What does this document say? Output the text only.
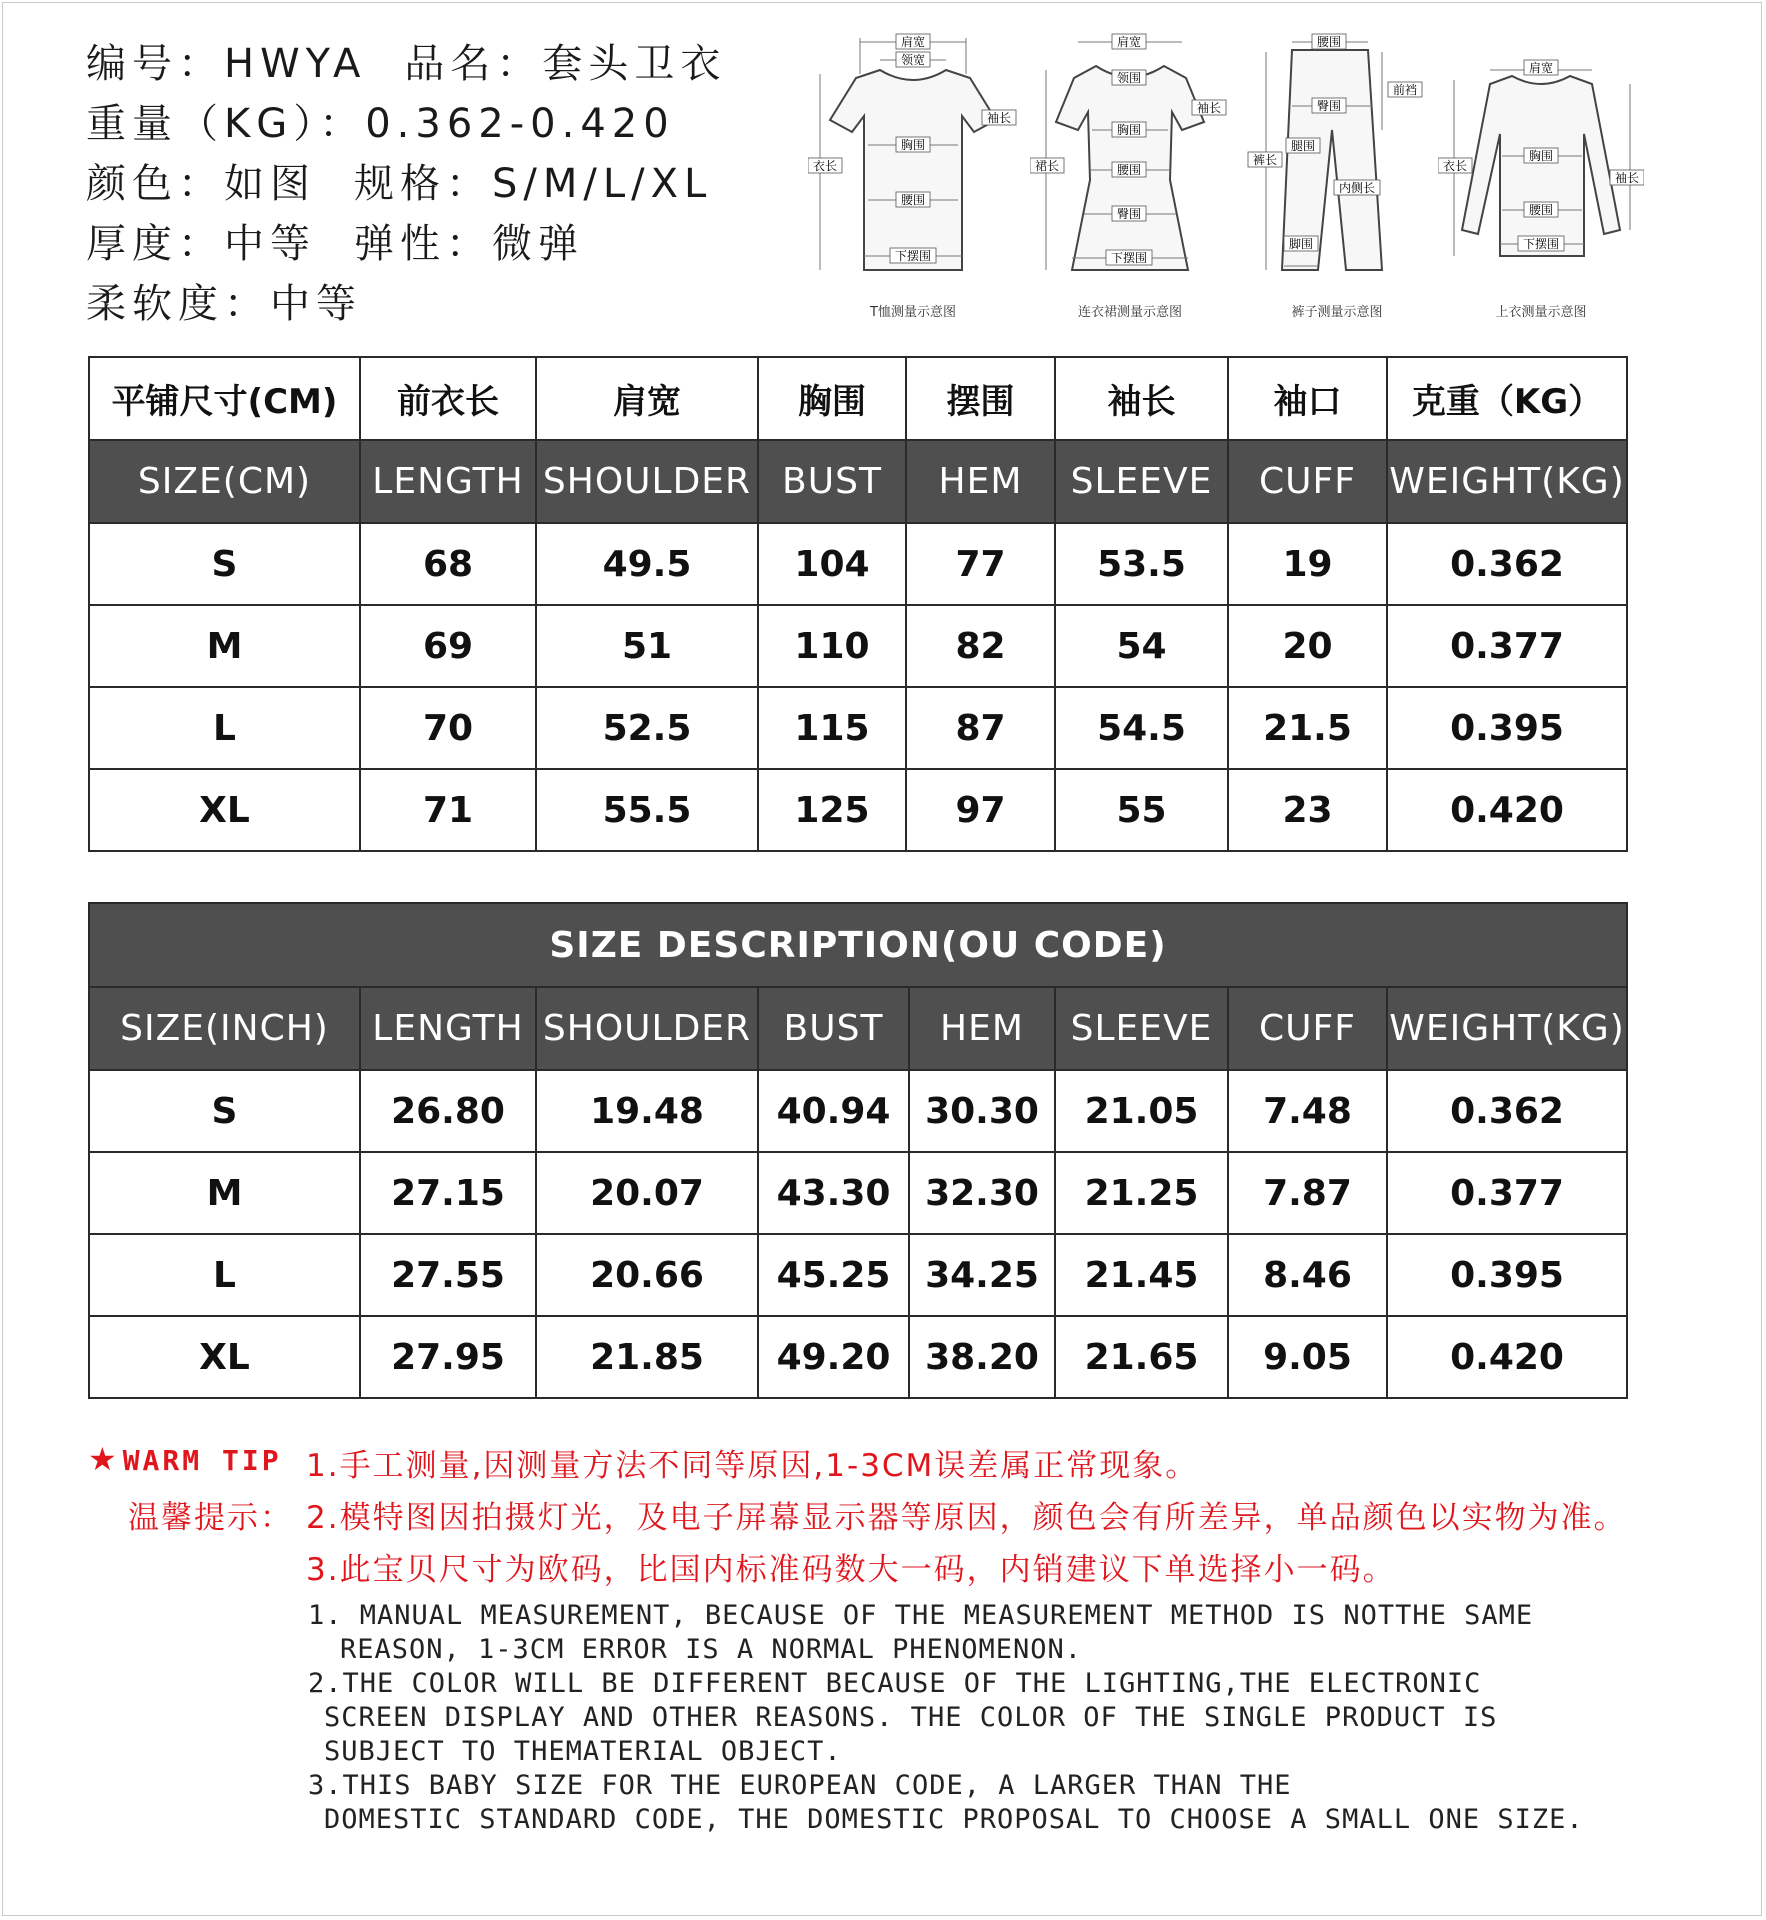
编号：HWYA 品名：套头卫衣
重量（KG）：0.362-0.420
颜色：如图 规格：S/M/L/XL
厚度：中等 弹性：微弹
柔软度：中等
肩宽
领宽
袖长
胸围
衣长
腰围
下摆围
T恤测量示意图
肩宽
领围
袖长
胸围
裙长	腰围
臀围
下摆围
连衣裙测量示意图
腰围
前裆
臀围
裤长
腿围
内侧长
脚围
裤子测量示意图
肩宽
衣长
胸围
袖长
腰围
下摆围
上衣测量示意图
平铺尺寸(CM)	前衣长	肩宽	胸围	摆围	袖长	袖口	克重（KG）
SIZE(CM)	LENGTH	SHOULDER	BUST	HEM	SLEEVE	CUFF	WEIGHT(KG)
S	68	49.5	104	77	53.5	19	0.362
M	69	51	110	82	54	20	0.377
L	70	52.5	115	87	54.5	21.5	0.395
XL	71	55.5	125	97	55	23	0.420
SIZE DESCRIPTION(OU CODE)							
SIZE(INCH)	LENGTH	SHOULDER	BUST	HEM	SLEEVE	CUFF	WEIGHT(KG)
S	26.80	19.48	40.94	30.30	21.05	7.48	0.362
M	27.15	20.07	43.30	32.30	21.25	7.87	0.377
L	27.55	20.66	45.25	34.25	21.45	8.46	0.395
XL	27.95	21.85	49.20	38.20	21.65	9.05	0.420
★ WARM TIP
温馨提示：
1.手工测量,因测量方法不同等原因,1-3CM误差属正常现象。
2.模特图因拍摄灯光，及电子屏幕显示器等原因，颜色会有所差异，单品颜色以实物为准。
3.此宝贝尺寸为欧码，比国内标准码数大一码，内销建议下单选择小一码。
1. MANUAL MEASUREMENT, BECAUSE OF THE MEASUREMENT METHOD IS NOTTHE SAME
REASON, 1-3CM ERROR IS A NORMAL PHENOMENON.
2.THE COLOR WILL BE DIFFERENT BECAUSE OF THE LIGHTING,THE ELECTRONIC
SCREEN DISPLAY AND OTHER REASONS. THE COLOR OF THE SINGLE PRODUCT IS
SUBJECT TO THEMATERIAL OBJECT.
3.THIS BABY SIZE FOR THE EUROPEAN CODE, A LARGER THAN THE
DOMESTIC STANDARD CODE, THE DOMESTIC PROPOSAL TO CHOOSE A SMALL ONE SIZE.
